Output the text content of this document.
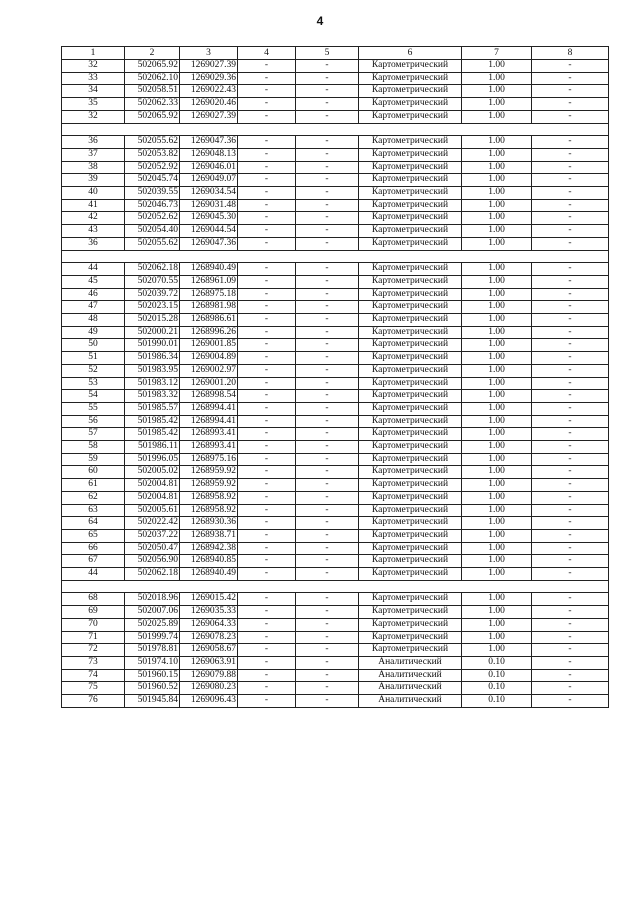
4
1	2	3	4	5	6	7	8
32	502065.92	1269027.39	-	-	Картометрический	1.00	-
33	502062.10	1269029.36	-	-	Картометрический	1.00	-
34	502058.51	1269022.43	-	-	Картометрический	1.00	-
35	502062.33	1269020.46	-	-	Картометрический	1.00	-
32	502065.92	1269027.39	-	-	Картометрический	1.00	-

36	502055.62	1269047.36	-	-	Картометрический	1.00	-
37	502053.82	1269048.13	-	-	Картометрический	1.00	-
38	502052.92	1269046.01	-	-	Картометрический	1.00	-
39	502045.74	1269049.07	-	-	Картометрический	1.00	-
40	502039.55	1269034.54	-	-	Картометрический	1.00	-
41	502046.73	1269031.48	-	-	Картометрический	1.00	-
42	502052.62	1269045.30	-	-	Картометрический	1.00	-
43	502054.40	1269044.54	-	-	Картометрический	1.00	-
36	502055.62	1269047.36	-	-	Картометрический	1.00	-

44	502062.18	1268940.49	-	-	Картометрический	1.00	-
45	502070.55	1268961.09	-	-	Картометрический	1.00	-
46	502039.72	1268975.18	-	-	Картометрический	1.00	-
47	502023.15	1268981.98	-	-	Картометрический	1.00	-
48	502015.28	1268986.61	-	-	Картометрический	1.00	-
49	502000.21	1268996.26	-	-	Картометрический	1.00	-
50	501990.01	1269001.85	-	-	Картометрический	1.00	-
51	501986.34	1269004.89	-	-	Картометрический	1.00	-
52	501983.95	1269002.97	-	-	Картометрический	1.00	-
53	501983.12	1269001.20	-	-	Картометрический	1.00	-
54	501983.32	1268998.54	-	-	Картометрический	1.00	-
55	501985.57	1268994.41	-	-	Картометрический	1.00	-
56	501985.42	1268994.41	-	-	Картометрический	1.00	-
57	501985.42	1268993.41	-	-	Картометрический	1.00	-
58	501986.11	1268993.41	-	-	Картометрический	1.00	-
59	501996.05	1268975.16	-	-	Картометрический	1.00	-
60	502005.02	1268959.92	-	-	Картометрический	1.00	-
61	502004.81	1268959.92	-	-	Картометрический	1.00	-
62	502004.81	1268958.92	-	-	Картометрический	1.00	-
63	502005.61	1268958.92	-	-	Картометрический	1.00	-
64	502022.42	1268930.36	-	-	Картометрический	1.00	-
65	502037.22	1268938.71	-	-	Картометрический	1.00	-
66	502050.47	1268942.38	-	-	Картометрический	1.00	-
67	502056.90	1268940.85	-	-	Картометрический	1.00	-
44	502062.18	1268940.49	-	-	Картометрический	1.00	-

68	502018.96	1269015.42	-	-	Картометрический	1.00	-
69	502007.06	1269035.33	-	-	Картометрический	1.00	-
70	502025.89	1269064.33	-	-	Картометрический	1.00	-
71	501999.74	1269078.23	-	-	Картометрический	1.00	-
72	501978.81	1269058.67	-	-	Картометрический	1.00	-
73	501974.10	1269063.91	-	-	Аналитический	0.10	-
74	501960.15	1269079.88	-	-	Аналитический	0.10	-
75	501960.52	1269080.23	-	-	Аналитический	0.10	-
76	501945.84	1269096.43	-	-	Аналитический	0.10	-
